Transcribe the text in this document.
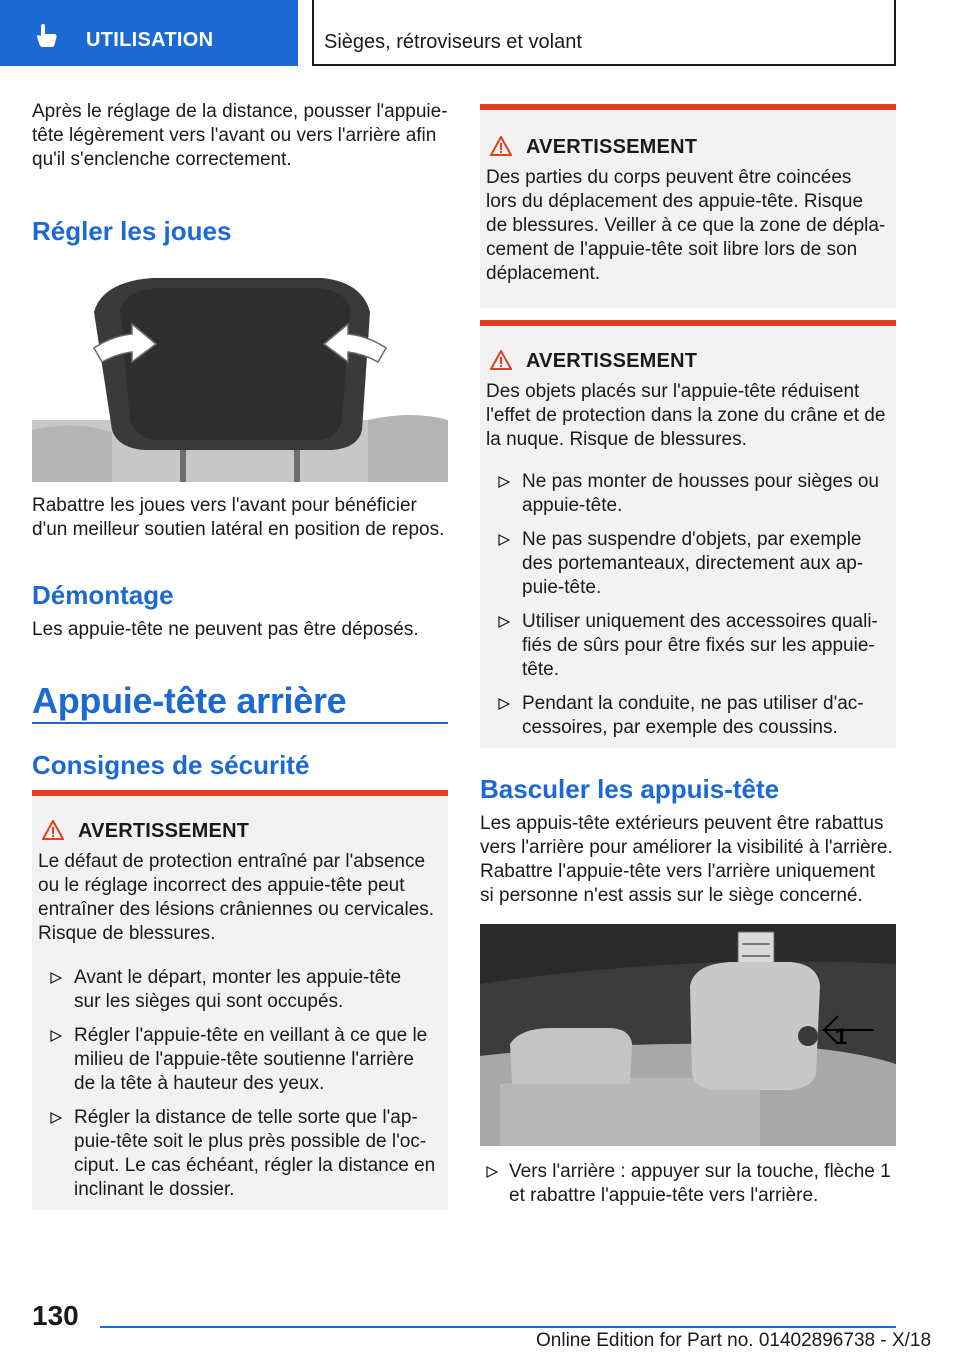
UTILISATION	Sièges, rétroviseurs et volant
Après le réglage de la distance, pousser l'appuie-
tête légèrement vers l'avant ou vers l'arrière afin
qu'il s'enclenche correctement.
Régler les joues
Rabattre les joues vers l'avant pour bénéficier
d'un meilleur soutien latéral en position de repos.
Démontage
Les appuie-tête ne peuvent pas être déposés.
Appuie-tête arrière
Consignes de sécurité
AVERTISSEMENT
Le défaut de protection entraîné par l'absence
ou le réglage incorrect des appuie-tête peut
entraîner des lésions crâniennes ou cervicales.
Risque de blessures.
Avant le départ, monter les appuie-tête
sur les sièges qui sont occupés.
Régler l'appuie-tête en veillant à ce que le
milieu de l'appuie-tête soutienne l'arrière
de la tête à hauteur des yeux.
Régler la distance de telle sorte que l'ap-
puie-tête soit le plus près possible de l'oc-
ciput. Le cas échéant, régler la distance en
inclinant le dossier.
AVERTISSEMENT
Des parties du corps peuvent être coincées
lors du déplacement des appuie-tête. Risque
de blessures. Veiller à ce que la zone de dépla-
cement de l'appuie-tête soit libre lors de son
déplacement.
AVERTISSEMENT
Des objets placés sur l'appuie-tête réduisent
l'effet de protection dans la zone du crâne et de
la nuque. Risque de blessures.
Ne pas monter de housses pour sièges ou
appuie-tête.
Ne pas suspendre d'objets, par exemple
des portemanteaux, directement aux ap-
puie-tête.
Utiliser uniquement des accessoires quali-
fiés de sûrs pour être fixés sur les appuie-
tête.
Pendant la conduite, ne pas utiliser d'ac-
cessoires, par exemple des coussins.
Basculer les appuis-tête
Les appuis-tête extérieurs peuvent être rabattus
vers l'arrière pour améliorer la visibilité à l'arrière.
Rabattre l'appuie-tête vers l'arrière uniquement
si personne n'est assis sur le siège concerné.
1
Vers l'arrière : appuyer sur la touche, flèche 1
et rabattre l'appuie-tête vers l'arrière.
130
Online Edition for Part no. 01402896738 - X/18
